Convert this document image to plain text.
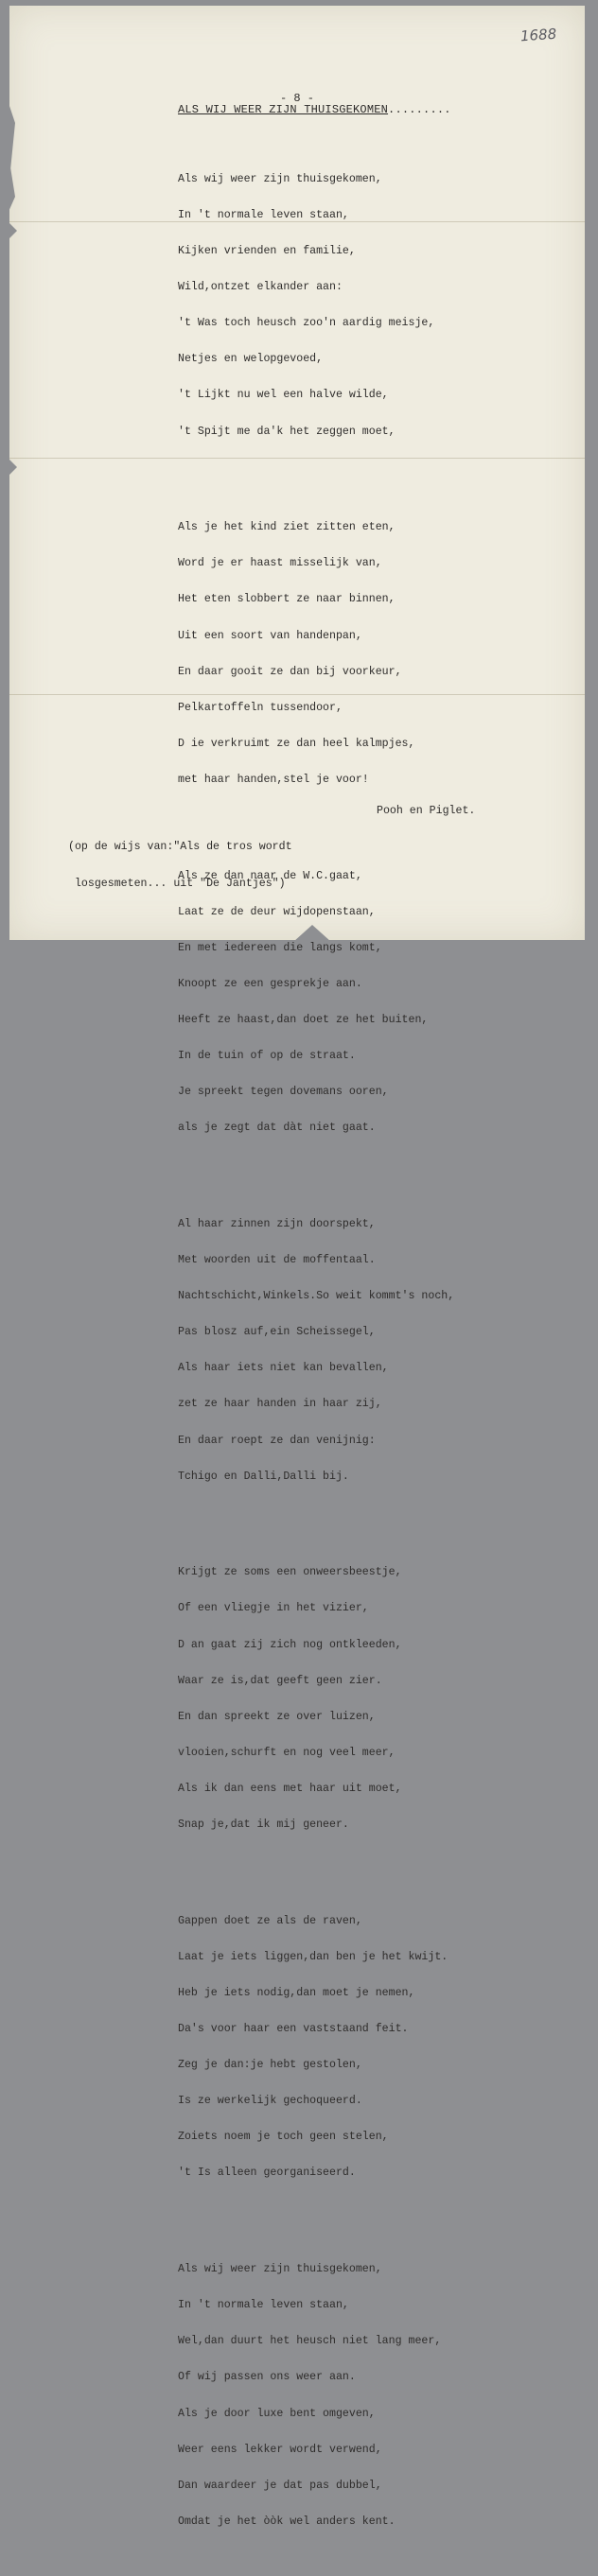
1688
- 8 -
ALS WIJ WEER ZIJN THUISGEKOMEN.........

Als wij weer zijn thuisgekomen,

In 't normale leven staan,

Kijken vrienden en familie,

Wild,ontzet elkander aan:

't Was toch heusch zoo'n aardig meisje,

Netjes en welopgevoed,

't Lijkt nu wel een halve wilde,

't Spijt me da'k het zeggen moet,

Als je het kind ziet zitten eten,

Word je er haast misselijk van,

Het eten slobbert ze naar binnen,

Uit een soort van handenpan,

En daar gooit ze dan bij voorkeur,

Pelkartoffeln tussendoor,

D ie verkruimt ze dan heel kalmpjes,

met haar handen,stel je voor!

Als ze dan naar de W.C.gaat,

Laat ze de deur wijdopenstaan,

En met iedereen die langs komt,

Knoopt ze een gesprekje aan.

Heeft ze haast,dan doet ze het buiten,

In de tuin of op de straat.

Je spreekt tegen dovemans ooren,

als je zegt dat dàt niet gaat.

Al haar zinnen zijn doorspekt,

Met woorden uit de moffentaal.

Nachtschicht,Winkels.So weit kommt's noch,

Pas blosz auf,ein Scheissegel,

Als haar iets niet kan bevallen,

zet ze haar handen in haar zij,

En daar roept ze dan venijnig:

Tchigo en Dalli,Dalli bij.

Krijgt ze soms een onweersbeestje,

Of een vliegje in het vizier,

D an gaat zij zich nog ontkleeden,

Waar ze is,dat geeft geen zier.

En dan spreekt ze over luizen,

vlooien,schurft en nog veel meer,

Als ik dan eens met haar uit moet,

Snap je,dat ik mij geneer.

Gappen doet ze als de raven,

Laat je iets liggen,dan ben je het kwijt.

Heb je iets nodig,dan moet je nemen,

Da's voor haar een vaststaand feit.

Zeg je dan:je hebt gestolen,

Is ze werkelijk gechoqueerd.

Zoiets noem je toch geen stelen,

't Is alleen georganiseerd.

Als wij weer zijn thuisgekomen,

In 't normale leven staan,

Wel,dan duurt het heusch niet lang meer,

Of wij passen ons weer aan.

Als je door luxe bent omgeven,

Weer eens lekker wordt verwend,

Dan waardeer je dat pas dubbel,

Omdat je het òòk wel anders kent.

Pooh en Piglet.

(op de wijs van:"Als de tros wordt

losgesmeten... uit "De Jantjes")
